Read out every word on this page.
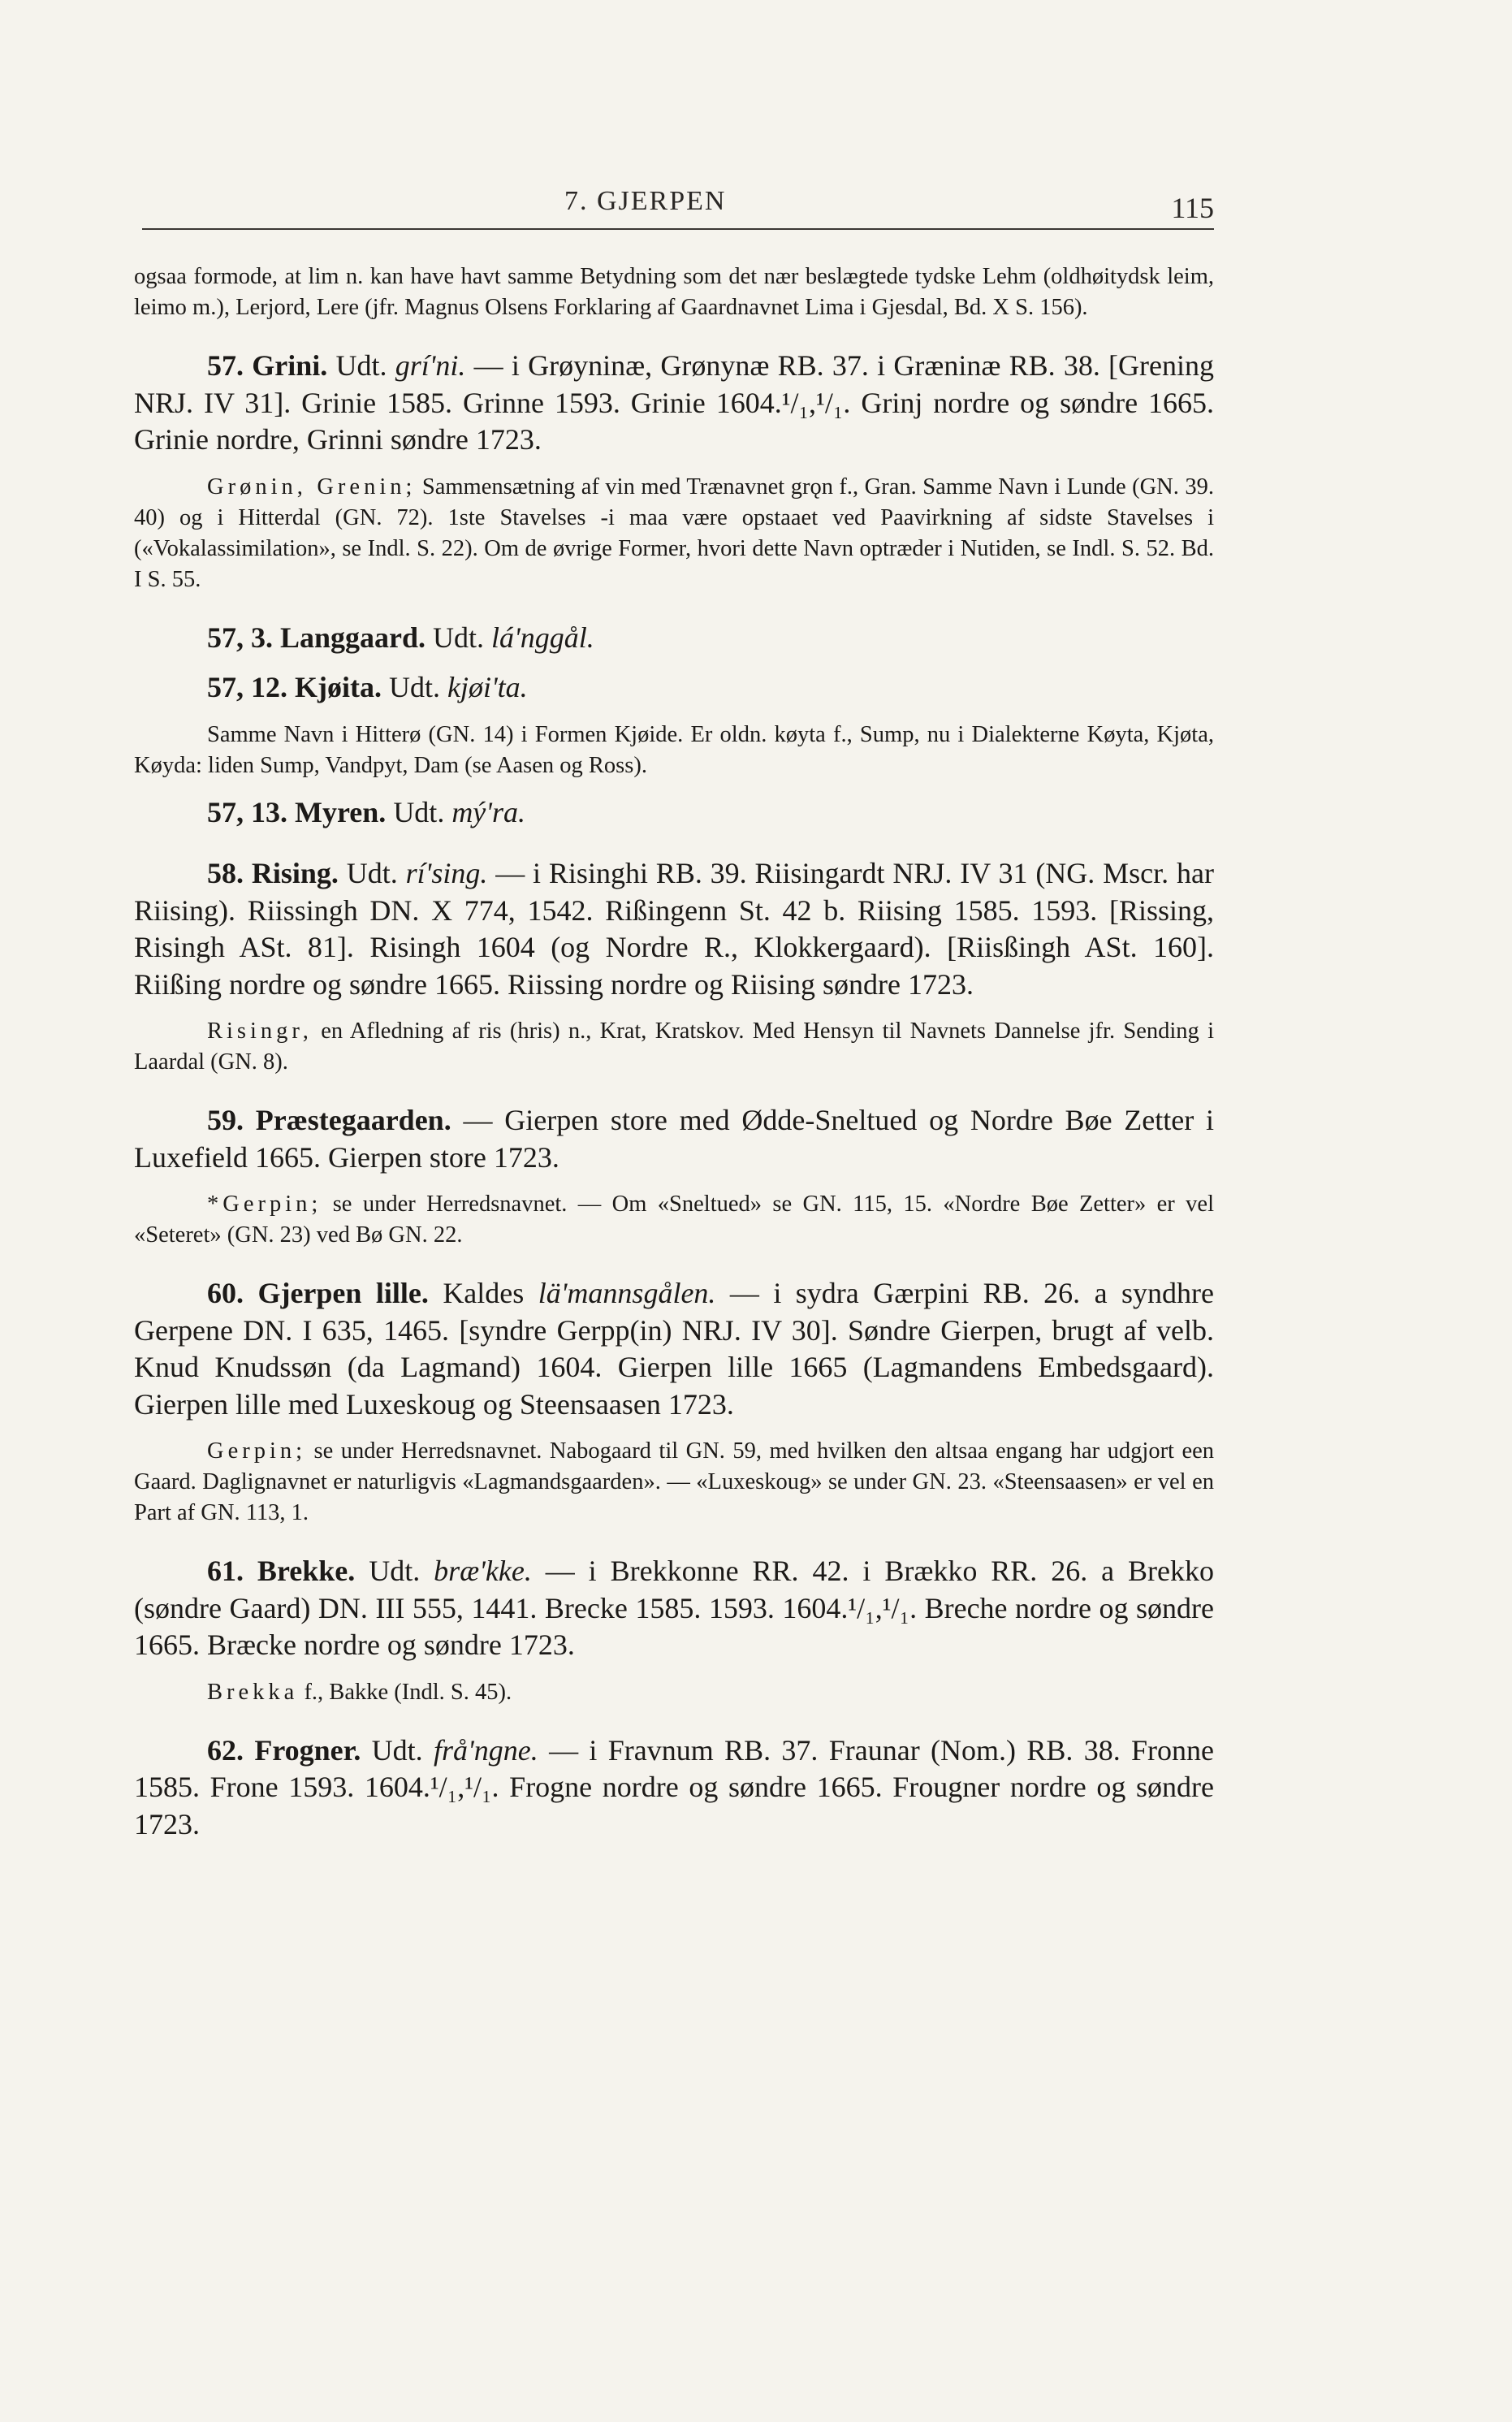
7. GJERPEN	115

ogsaa formode, at lim n. kan have havt samme Betydning som det nær beslægtede tydske Lehm (oldhøitydsk leim, leimo m.), Lerjord, Lere (jfr. Magnus Olsens Forklaring af Gaardnavnet Lima i Gjesdal, Bd. X S. 156).

57. Grini. Udt. grí'ni. — i Grøyninæ, Grønynæ RB. 37. i Græninæ RB. 38. [Grening NRJ. IV 31]. Grinie 1585. Grinne 1593. Grinie 1604.¹/₁,¹/₁. Grinj nordre og søndre 1665. Grinie nordre, Grinni søndre 1723.

Grønin, Grenin; Sammensætning af vin med Trænavnet grǫn f., Gran. Samme Navn i Lunde (GN. 39. 40) og i Hitterdal (GN. 72). 1ste Stavelses -i maa være opstaaet ved Paavirkning af sidste Stavelses i («Vokalassimilation», se Indl. S. 22). Om de øvrige Former, hvori dette Navn optræder i Nutiden, se Indl. S. 52. Bd. I S. 55.

57, 3. Langgaard. Udt. lá'nggål.

57, 12. Kjøita. Udt. kjøi'ta.

Samme Navn i Hitterø (GN. 14) i Formen Kjøide. Er oldn. køyta f., Sump, nu i Dialekterne Køyta, Kjøta, Køyda: liden Sump, Vandpyt, Dam (se Aasen og Ross).

57, 13. Myren. Udt. mý'ra.

58. Rising. Udt. rí'sing. — i Risinghi RB. 39. Riisingardt NRJ. IV 31 (NG. Mscr. har Riising). Riissingh DN. X 774, 1542. Rißingenn St. 42 b. Riising 1585. 1593. [Rissing, Risingh ASt. 81]. Risingh 1604 (og Nordre R., Klokkergaard). [Riisßingh ASt. 160]. Riißing nordre og søndre 1665. Riissing nordre og Riising søndre 1723.

Risingr, en Afledning af ris (hris) n., Krat, Kratskov. Med Hensyn til Navnets Dannelse jfr. Sending i Laardal (GN. 8).

59. Præstegaarden. — Gierpen store med Ødde-Sneltued og Nordre Bøe Zetter i Luxefield 1665. Gierpen store 1723.

*Gerpin; se under Herredsnavnet. — Om «Sneltued» se GN. 115, 15. «Nordre Bøe Zetter» er vel «Seteret» (GN. 23) ved Bø GN. 22.

60. Gjerpen lille. Kaldes lä'mannsgålen. — i sydra Gærpini RB. 26. a syndhre Gerpene DN. I 635, 1465. [syndre Gerpp(in) NRJ. IV 30]. Søndre Gierpen, brugt af velb. Knud Knudssøn (da Lagmand) 1604. Gierpen lille 1665 (Lagmandens Embedsgaard). Gierpen lille med Luxeskoug og Steensaasen 1723.

Gerpin; se under Herredsnavnet. Nabogaard til GN. 59, med hvilken den altsaa engang har udgjort een Gaard. Daglignavnet er naturligvis «Lagmandsgaarden». — «Luxeskoug» se under GN. 23. «Steensaasen» er vel en Part af GN. 113, 1.

61. Brekke. Udt. bræ'kke. — i Brekkonne RR. 42. i Brækko RR. 26. a Brekko (søndre Gaard) DN. III 555, 1441. Brecke 1585. 1593. 1604.¹/₁,¹/₁. Breche nordre og søndre 1665. Bræcke nordre og søndre 1723.

Brekka f., Bakke (Indl. S. 45).

62. Frogner. Udt. frå'ngne. — i Fravnum RB. 37. Fraunar (Nom.) RB. 38. Fronne 1585. Frone 1593. 1604.¹/₁,¹/₁. Frogne nordre og søndre 1665. Frougner nordre og søndre 1723.
